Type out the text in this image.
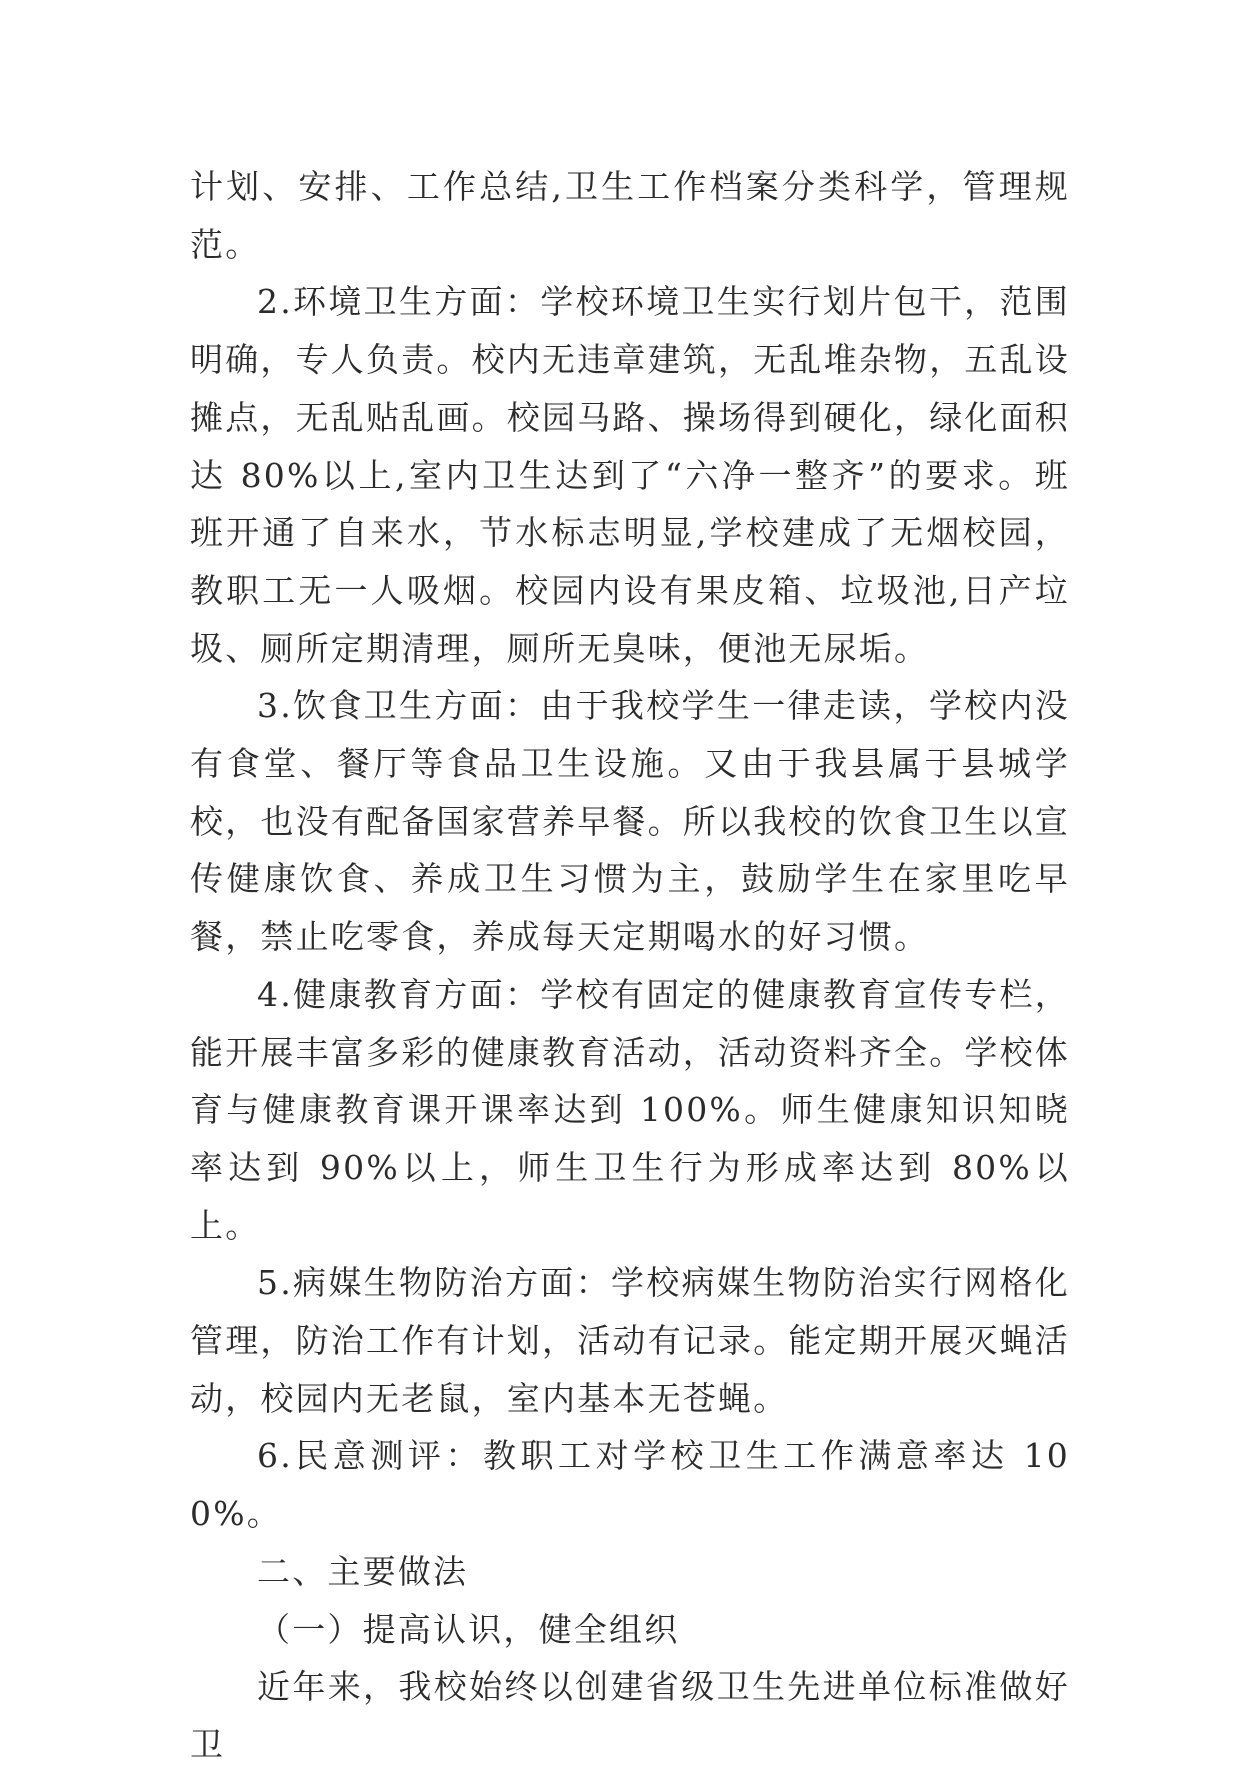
计划、安排、工作总结,卫生工作档案分类科学，管理规范。

2.环境卫生方面：学校环境卫生实行划片包干，范围明确，专人负责。校内无违章建筑，无乱堆杂物，五乱设摊点，无乱贴乱画。校园马路、操场得到硬化，绿化面积达 80%以上,室内卫生达到了“六净一整齐”的要求。班班开通了自来水，节水标志明显,学校建成了无烟校园，教职工无一人吸烟。校园内设有果皮箱、垃圾池,日产垃圾、厕所定期清理，厕所无臭味，便池无尿垢。

3.饮食卫生方面：由于我校学生一律走读，学校内没有食堂、餐厅等食品卫生设施。又由于我县属于县城学校，也没有配备国家营养早餐。所以我校的饮食卫生以宣传健康饮食、养成卫生习惯为主，鼓励学生在家里吃早餐，禁止吃零食，养成每天定期喝水的好习惯。

4.健康教育方面：学校有固定的健康教育宣传专栏，能开展丰富多彩的健康教育活动，活动资料齐全。学校体育与健康教育课开课率达到 100%。师生健康知识知晓率达到 90%以上，师生卫生行为形成率达到 80%以上。

5.病媒生物防治方面：学校病媒生物防治实行网格化管理，防治工作有计划，活动有记录。能定期开展灭蝇活动，校园内无老鼠，室内基本无苍蝇。

6.民意测评：教职工对学校卫生工作满意率达 100%。

二、主要做法

（一）提高认识，健全组织

近年来，我校始终以创建省级卫生先进单位标准做好卫
